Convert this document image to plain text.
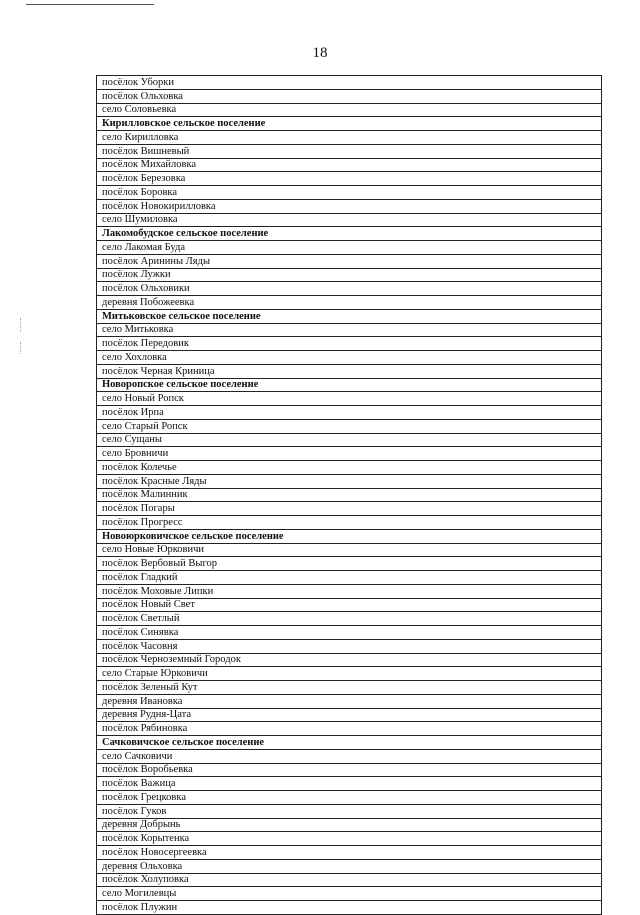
18
посёлок Уборки
посёлок Ольховка
село Соловьевка
Кирилловское сельское поселение
село Кирилловка
посёлок Вишневый
посёлок Михайловка
посёлок Березовка
посёлок Боровка
посёлок Новокирилловка
село Шумиловка
Лакомобудское сельское поселение
село Лакомая Буда
посёлок Аринины Ляды
посёлок Лужки
посёлок Ольховики
деревня Побожеевка
Митьковское сельское поселение
село Митьковка
посёлок Передовик
село Хохловка
посёлок Черная Криница
Новоропское сельское поселение
село Новый Ропск
посёлок Ирпа
село Старый Ропск
село Сущаны
село Бровничи
посёлок Колечье
посёлок Красные Ляды
посёлок Малинник
посёлок Погары
посёлок Прогресс
Новоюрковичское сельское поселение
село Новые Юрковичи
посёлок Вербовый Выгор
посёлок Гладкий
посёлок Моховые Липки
посёлок Новый Свет
посёлок Светлый
посёлок Синявка
посёлок Часовня
посёлок Черноземный Городок
село Старые Юрковичи
посёлок Зеленый Кут
деревня Ивановка
деревня Рудня-Цата
посёлок Рябиновка
Сачковичское сельское поселение
село Сачковичи
посёлок Воробьевка
посёлок Важица
посёлок Грецковка
посёлок Гуков
деревня Добрынь
посёлок Корытенка
посёлок Новосергеевка
деревня Ольховка
посёлок Холуповка
село Могилевцы
посёлок Плужин
